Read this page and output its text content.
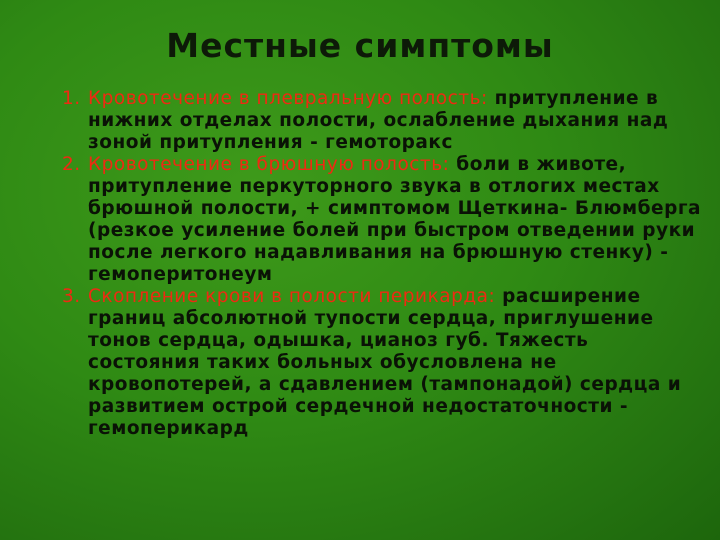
Местные симптомы
1. Кровотечение в плевральную полость: притупление в нижних отделах полости, ослабление дыхания над зоной притупления - гемоторакс
2. Кровотечение в брюшную полость: боли в животе, притупление перкуторного звука в отлогих местах брюшной полости, + симптомом Щеткина- Блюмберга (резкое усиление болей при быстром отведении руки после легкого надавливания на брюшную стенку) - гемоперитонеум
3. Скопление крови в полости перикарда: расширение границ абсолютной тупости сердца, приглушение тонов сердца, одышка, цианоз губ. Тяжесть состояния таких больных обусловлена не кровопотерей, а сдавлением (тампонадой) сердца и развитием острой сердечной недостаточности - гемоперикард
